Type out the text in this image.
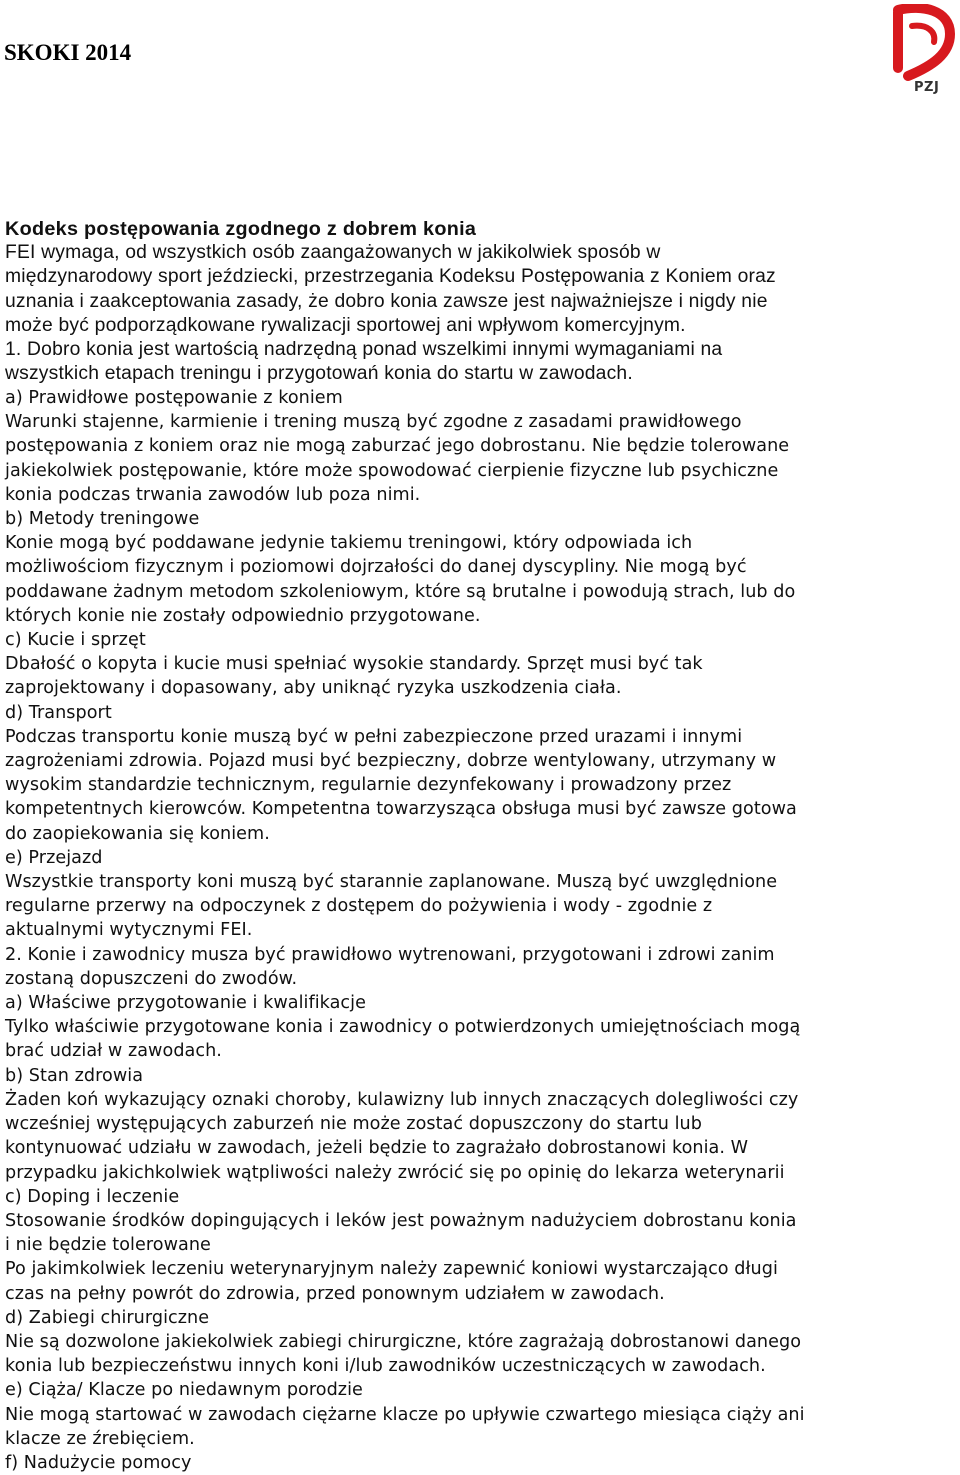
SKOKI 2014
PZJ
Kodeks postępowania zgodnego z dobrem konia

FEI wymaga, od wszystkich osób zaangażowanych w jakikolwiek sposób w

międzynarodowy sport jeździecki, przestrzegania Kodeksu Postępowania z Koniem oraz

uznania i zaakceptowania zasady, że dobro konia zawsze jest najważniejsze i nigdy nie

może być podporządkowane rywalizacji sportowej ani wpływom komercyjnym.

1. Dobro konia jest wartością nadrzędną ponad wszelkimi innymi wymaganiami na

wszystkich etapach treningu i przygotowań konia do startu w zawodach.

a) Prawidłowe postępowanie z koniem

Warunki stajenne, karmienie i trening muszą być zgodne z zasadami prawidłowego

postępowania z koniem oraz nie mogą zaburzać jego dobrostanu. Nie będzie tolerowane

jakiekolwiek postępowanie, które może spowodować cierpienie fizyczne lub psychiczne

konia podczas trwania zawodów lub poza nimi.

b) Metody treningowe

Konie mogą być poddawane jedynie takiemu treningowi, który odpowiada ich

możliwościom fizycznym i poziomowi dojrzałości do danej dyscypliny. Nie mogą być

poddawane żadnym metodom szkoleniowym, które są brutalne i powodują strach, lub do

których konie nie zostały odpowiednio przygotowane.

c) Kucie i sprzęt

Dbałość o kopyta i kucie musi spełniać wysokie standardy. Sprzęt musi być tak

zaprojektowany i dopasowany, aby uniknąć ryzyka uszkodzenia ciała.

d) Transport

Podczas transportu konie muszą być w pełni zabezpieczone przed urazami i innymi

zagrożeniami zdrowia. Pojazd musi być bezpieczny, dobrze wentylowany, utrzymany w

wysokim standardzie technicznym, regularnie dezynfekowany i prowadzony przez

kompetentnych kierowców. Kompetentna towarzysząca obsługa musi być zawsze gotowa

do zaopiekowania się koniem.

e) Przejazd

Wszystkie transporty koni muszą być starannie zaplanowane. Muszą być uwzględnione

regularne przerwy na odpoczynek z dostępem do pożywienia i wody - zgodnie z

aktualnymi wytycznymi FEI.

2. Konie i zawodnicy musza być prawidłowo wytrenowani, przygotowani i zdrowi zanim

zostaną dopuszczeni do zwodów.

a) Właściwe przygotowanie i kwalifikacje

Tylko właściwie przygotowane konia i zawodnicy o potwierdzonych umiejętnościach mogą

brać udział w zawodach.

b) Stan zdrowia

Żaden koń wykazujący oznaki choroby, kulawizny lub innych znaczących dolegliwości czy

wcześniej występujących zaburzeń nie może zostać dopuszczony do startu lub

kontynuować udziału w zawodach, jeżeli będzie to zagrażało dobrostanowi konia. W

przypadku jakichkolwiek wątpliwości należy zwrócić się po opinię do lekarza weterynarii

c) Doping i leczenie

Stosowanie środków dopingujących i leków jest poważnym nadużyciem dobrostanu konia

i nie będzie tolerowane

Po jakimkolwiek leczeniu weterynaryjnym należy zapewnić koniowi wystarczająco długi

czas na pełny powrót do zdrowia, przed ponownym udziałem w zawodach.

d) Zabiegi chirurgiczne

Nie są dozwolone jakiekolwiek zabiegi chirurgiczne, które zagrażają dobrostanowi danego

konia lub bezpieczeństwu innych koni i/lub zawodników uczestniczących w zawodach.

e) Ciąża/ Klacze po niedawnym porodzie

Nie mogą startować w zawodach ciężarne klacze po upływie czwartego miesiąca ciąży ani

klacze ze źrebięciem.

f) Nadużycie pomocy
